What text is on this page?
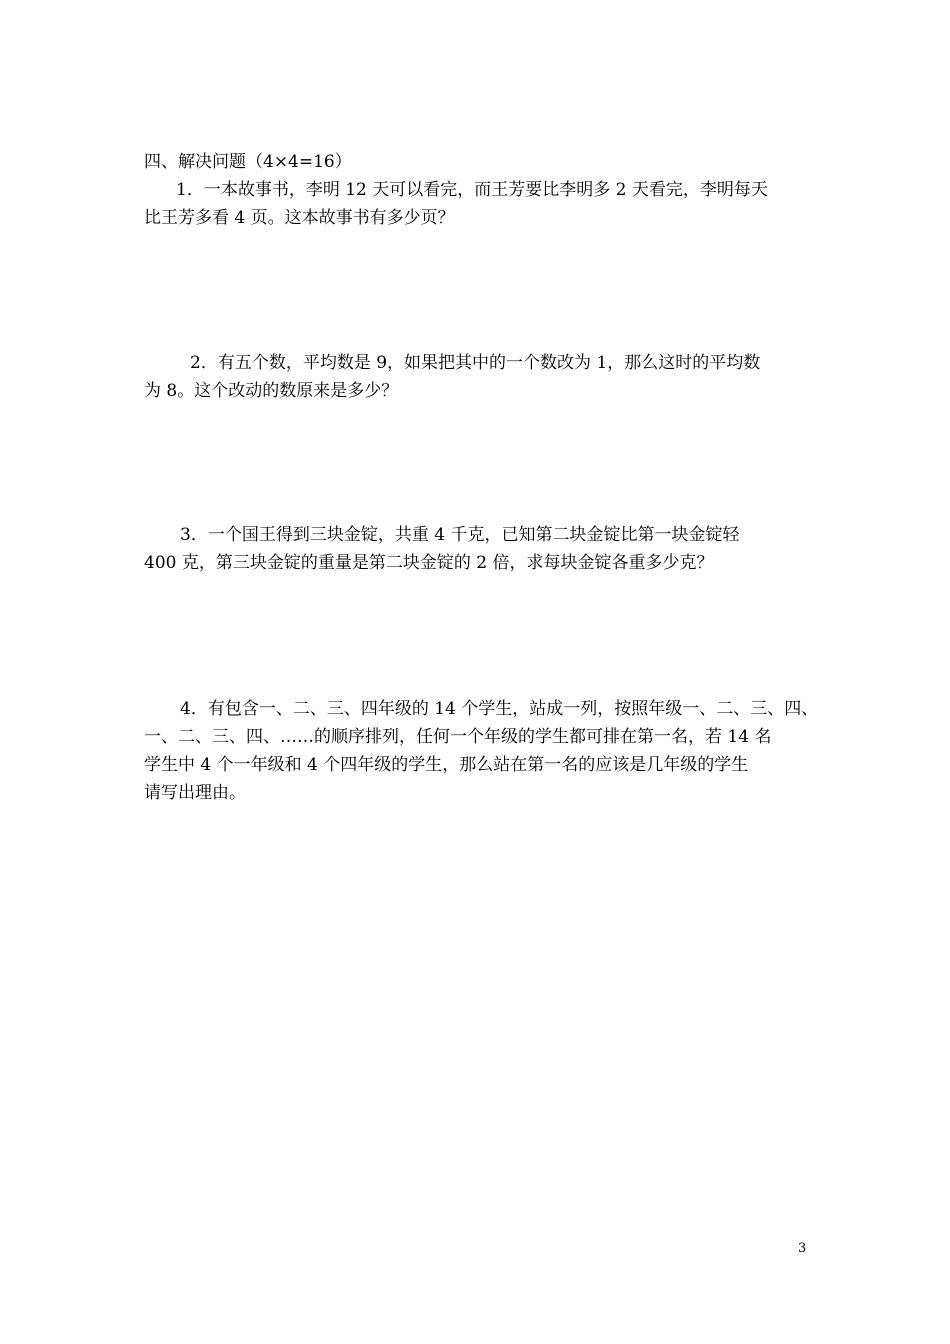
四、解决问题（4×4=16）
1．一本故事书，李明 12 天可以看完，而王芳要比李明多 2 天看完，李明每天
比王芳多看 4 页。这本故事书有多少页？
2．有五个数，平均数是 9，如果把其中的一个数改为 1，那么这时的平均数
为 8。这个改动的数原来是多少？
3．一个国王得到三块金锭，共重 4 千克，已知第二块金锭比第一块金锭轻
400 克，第三块金锭的重量是第二块金锭的 2 倍，求每块金锭各重多少克？
4．有包含一、二、三、四年级的 14 个学生，站成一列，按照年级一、二、三、四、
一、二、三、四、……的顺序排列，任何一个年级的学生都可排在第一名，若 14 名
学生中 4 个一年级和 4 个四年级的学生，那么站在第一名的应该是几年级的学生
请写出理由。
3
